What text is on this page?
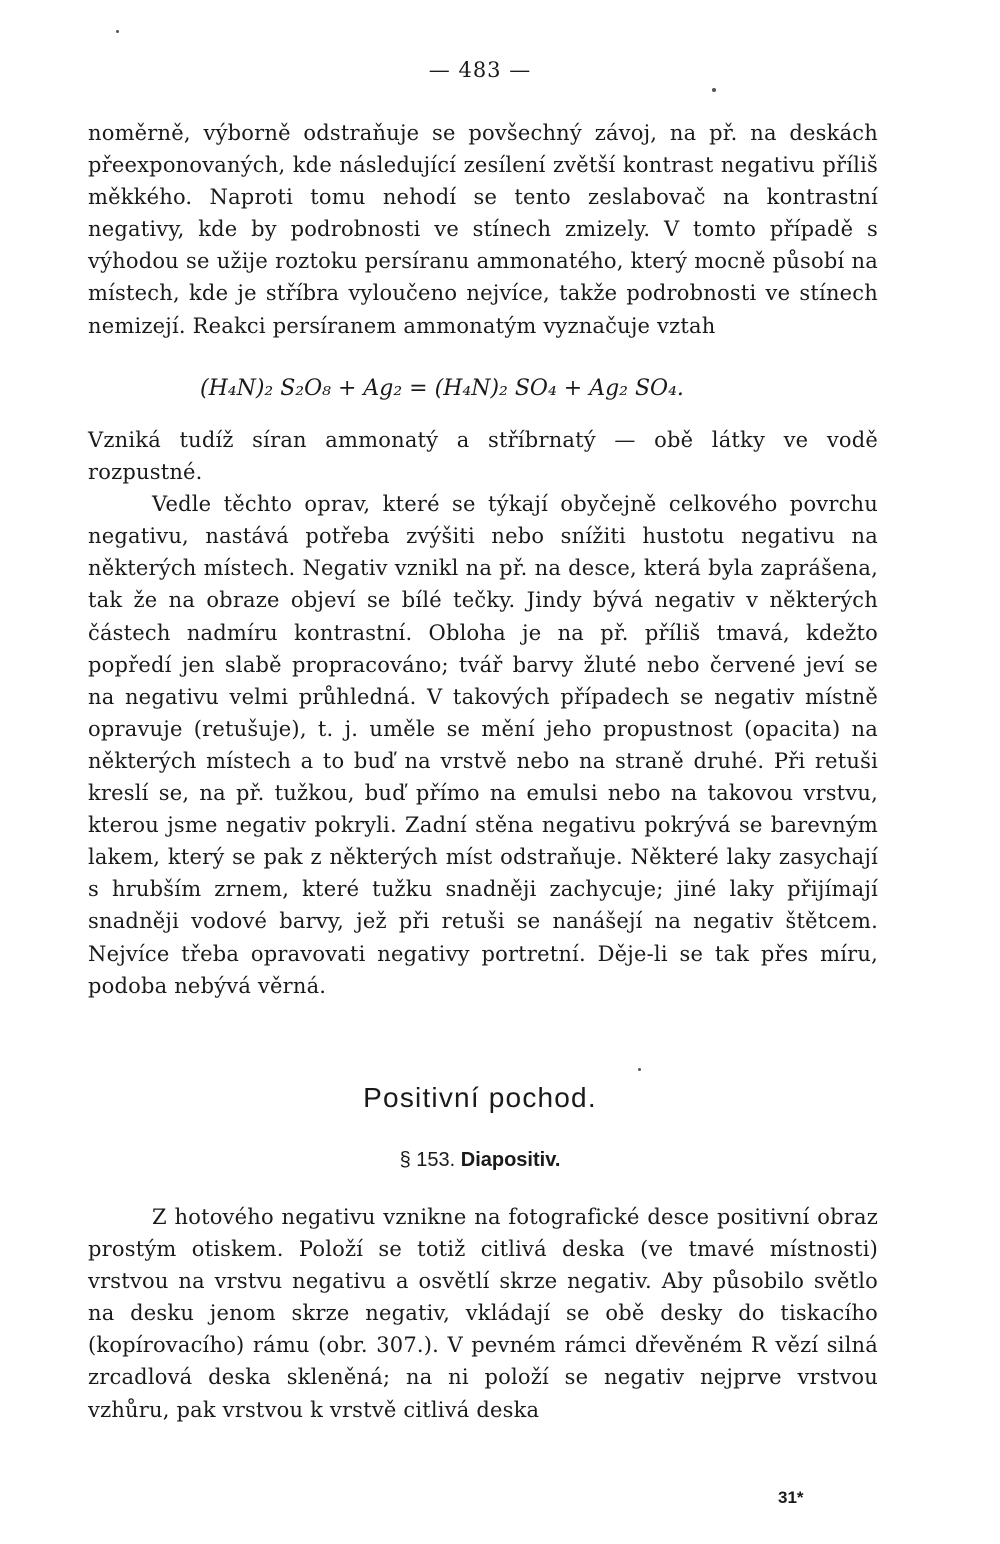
— 483 —

noměrně, výborně odstraňuje se povšechný závoj, na př. na deskách přeexponovaných, kde následující zesílení zvětší kontrast negativu příliš měkkého. Naproti tomu nehodí se tento zeslabovač na kontrastní negativy, kde by podrobnosti ve stínech zmizely. V tomto případě s výhodou se užije roztoku persíranu ammonatého, který mocně působí na místech, kde je stříbra vyloučeno nejvíce, takže podrobnosti ve stínech nemizejí. Reakci persíranem ammonatým vyznačuje vztah

(H₄N)₂ S₂O₈ + Ag₂ = (H₄N)₂ SO₄ + Ag₂ SO₄.

Vzniká tudíž síran ammonatý a stříbrnatý — obě látky ve vodě rozpustné.

Vedle těchto oprav, které se týkají obyčejně celkového povrchu negativu, nastává potřeba zvýšiti nebo snížiti hustotu negativu na některých místech. Negativ vznikl na př. na desce, která byla zaprášena, tak že na obraze objeví se bílé tečky. Jindy bývá negativ v některých částech nadmíru kontrastní. Obloha je na př. příliš tmavá, kdežto popředí jen slabě propracováno; tvář barvy žluté nebo červené jeví se na negativu velmi průhledná. V takových případech se negativ místně opravuje (retušuje), t. j. uměle se mění jeho propustnost (opacita) na některých místech a to buď na vrstvě nebo na straně druhé. Při retuši kreslí se, na př. tužkou, buď přímo na emulsi nebo na takovou vrstvu, kterou jsme negativ pokryli. Zadní stěna negativu pokrývá se barevným lakem, který se pak z některých míst odstraňuje. Některé laky zasychají s hrubším zrnem, které tužku snadněji zachycuje; jiné laky přijímají snadněji vodové barvy, jež při retuši se nanášejí na negativ štětcem. Nejvíce třeba opravovati negativy portretní. Děje-li se tak přes míru, podoba nebývá věrná.

Positivní pochod.
§ 153. Diapositiv.

Z hotového negativu vznikne na fotografické desce positivní obraz prostým otiskem. Položí se totiž citlivá deska (ve tmavé místnosti) vrstvou na vrstvu negativu a osvětlí skrze negativ. Aby působilo světlo na desku jenom skrze negativ, vkládají se obě desky do tiskacího (kopírovacího) rámu (obr. 307.). V pevném rámci dřevěném R vězí silná zrcadlová deska skleněná; na ni položí se negativ nejprve vrstvou vzhůru, pak vrstvou k vrstvě citlivá deska

31*
